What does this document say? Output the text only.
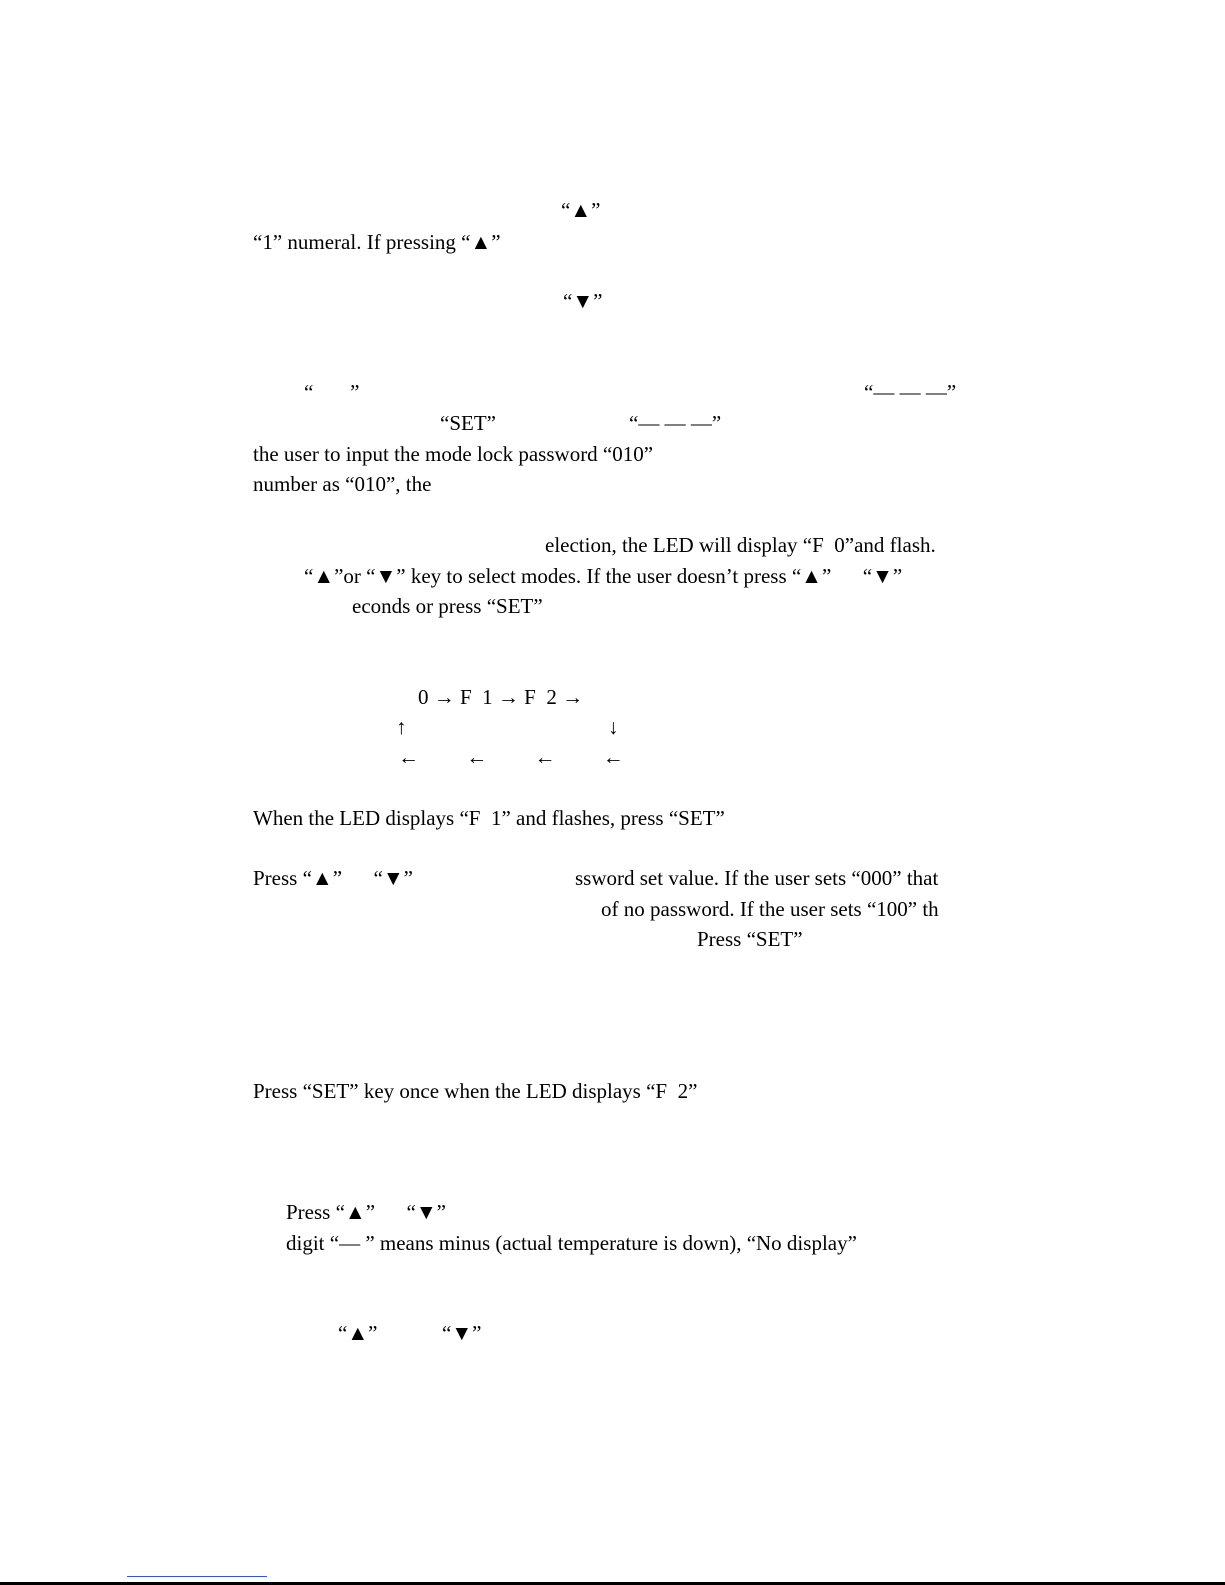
“▲”
“1” numeral. If pressing “▲”
“▼”
“       ”	“— — —”
“SET”	“— — —”
the user to input the mode lock password “010”
number as “010”, the
election, the LED will display “F  0”and flash.
“▲”or “▼” key to select modes. If the user doesn’t press “▲”      “▼”
econds or press “SET”
0 → F  1 → F  2 →
↑	↓
←         ←         ←         ←
When the LED displays “F  1” and flashes, press “SET”
Press “▲”      “▼”	ssword set value. If the user sets “000” that
of no password. If the user sets “100” th
Press “SET”
Press “SET” key once when the LED displays “F  2”
Press “▲”      “▼”
digit “— ” means minus (actual temperature is down), “No display”
“▲”	“▼”
